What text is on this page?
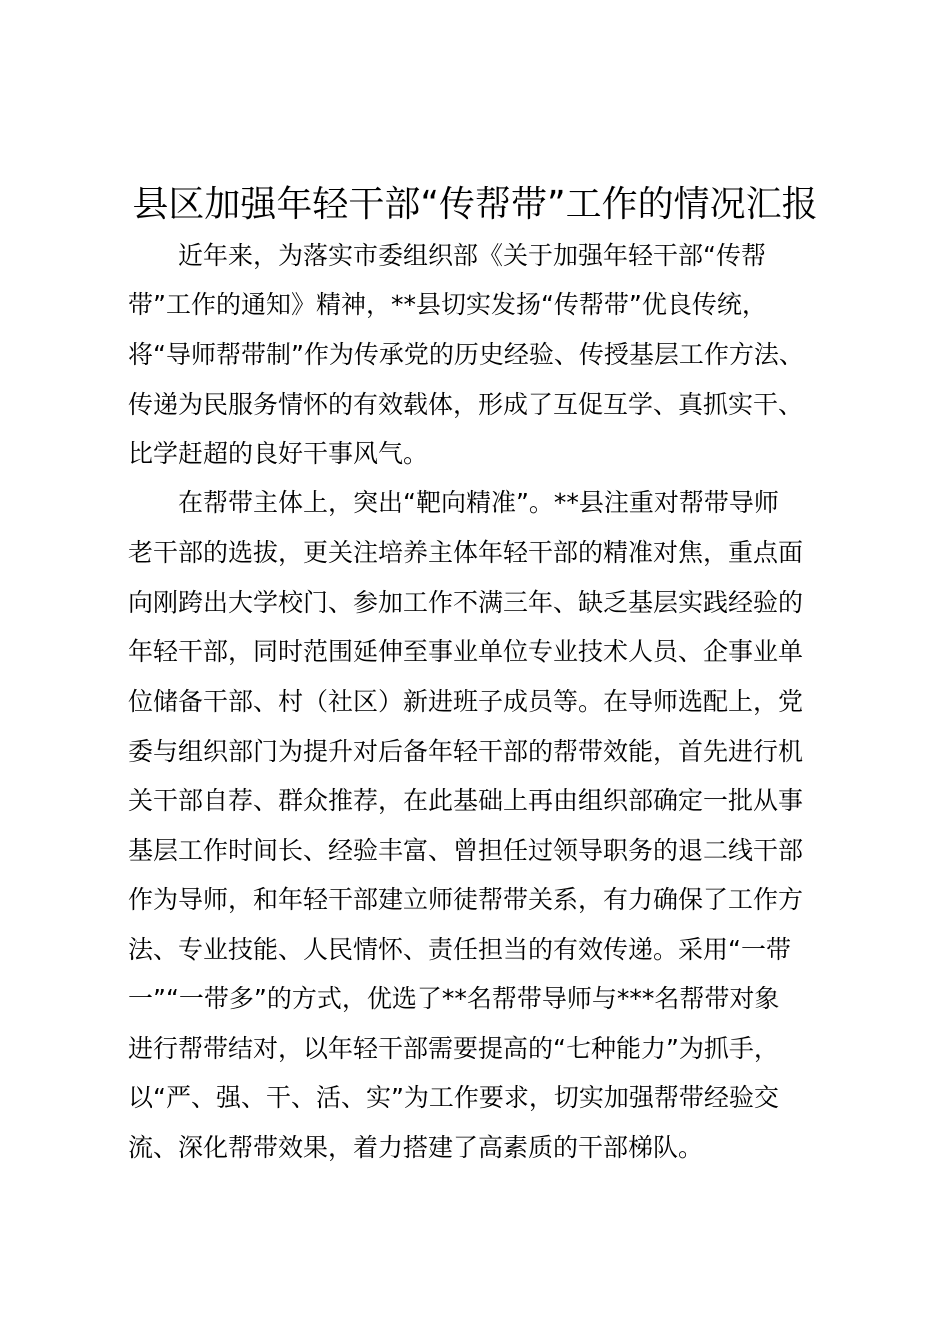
县区加强年轻干部“传帮带”工作的情况汇报
　　近年来，为落实市委组织部《关于加强年轻干部“传帮
带”工作的通知》精神，**县切实发扬“传帮带”优良传统，
将“导师帮带制”作为传承党的历史经验、传授基层工作方法、
传递为民服务情怀的有效载体，形成了互促互学、真抓实干、
比学赶超的良好干事风气。
　　在帮带主体上，突出“靶向精准”。**县注重对帮带导师
老干部的选拔，更关注培养主体年轻干部的精准对焦，重点面
向刚跨出大学校门、参加工作不满三年、缺乏基层实践经验的
年轻干部，同时范围延伸至事业单位专业技术人员、企事业单
位储备干部、村（社区）新进班子成员等。在导师选配上，党
委与组织部门为提升对后备年轻干部的帮带效能，首先进行机
关干部自荐、群众推荐，在此基础上再由组织部确定一批从事
基层工作时间长、经验丰富、曾担任过领导职务的退二线干部
作为导师，和年轻干部建立师徒帮带关系，有力确保了工作方
法、专业技能、人民情怀、责任担当的有效传递。采用“一带
一”“一带多”的方式，优选了**名帮带导师与***名帮带对象
进行帮带结对，以年轻干部需要提高的“七种能力”为抓手，
以“严、强、干、活、实”为工作要求，切实加强帮带经验交
流、深化帮带效果，着力搭建了高素质的干部梯队。
